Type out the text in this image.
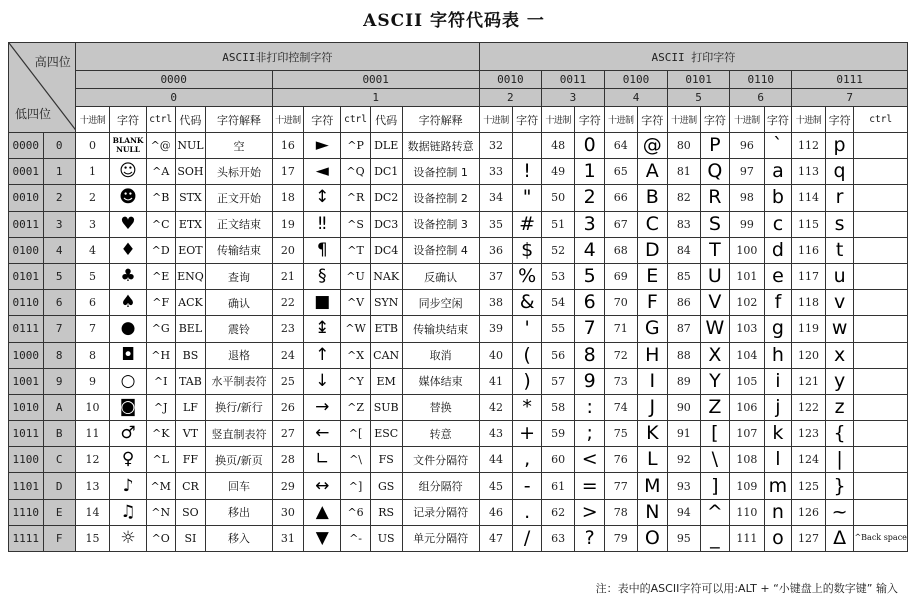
ASCII 字符代码表 一
高四位
低四位		ASCII非打印控制字符										ASCII 打印字符												
		0000					0001					0010		0011		0100		0101		0110		0111		
		0					1					2		3		4		5		6		7		
		十进制	字符	ctrl	代码	字符解释	十进制	字符	ctrl	代码	字符解释	十进制	字符	十进制	字符	十进制	字符	十进制	字符	十进制	字符	十进制	字符	ctrl
0000	0	0	BLANK NULL	^@	NUL	空	16	►	^P	DLE	数据链路转意	32		48	0	64	@	80	P	96	`	112	p	
0001	1	1	☺	^A	SOH	头标开始	17	◄	^Q	DC1	设备控制 1	33	!	49	1	65	A	81	Q	97	a	113	q	
0010	2	2	☻	^B	STX	正文开始	18	↕	^R	DC2	设备控制 2	34	"	50	2	66	B	82	R	98	b	114	r	
0011	3	3	♥	^C	ETX	正文结束	19	‼	^S	DC3	设备控制 3	35	#	51	3	67	C	83	S	99	c	115	s	
0100	4	4	♦	^D	EOT	传输结束	20	¶	^T	DC4	设备控制 4	36	$	52	4	68	D	84	T	100	d	116	t	
0101	5	5	♣	^E	ENQ	查询	21	§	^U	NAK	反确认	37	%	53	5	69	E	85	U	101	e	117	u	
0110	6	6	♠	^F	ACK	确认	22	■	^V	SYN	同步空闲	38	&	54	6	70	F	86	V	102	f	118	v	
0111	7	7	●	^G	BEL	震铃	23	↨	^W	ETB	传输块结束	39	'	55	7	71	G	87	W	103	g	119	w	
1000	8	8	◘	^H	BS	退格	24	↑	^X	CAN	取消	40	(	56	8	72	H	88	X	104	h	120	x	
1001	9	9	○	^I	TAB	水平制表符	25	↓	^Y	EM	媒体结束	41	)	57	9	73	I	89	Y	105	i	121	y	
1010	A	10	◙	^J	LF	换行/新行	26	→	^Z	SUB	替换	42	*	58	:	74	J	90	Z	106	j	122	z	
1011	B	11	♂	^K	VT	竖直制表符	27	←	^[	ESC	转意	43	+	59	;	75	K	91	[	107	k	123	{	
1100	C	12	♀	^L	FF	换页/新页	28	∟	^\	FS	文件分隔符	44	,	60	<	76	L	92	\	108	l	124	|	
1101	D	13	♪	^M	CR	回车	29	↔	^]	GS	组分隔符	45	-	61	=	77	M	93	]	109	m	125	}	
1110	E	14	♫	^N	SO	移出	30	▲	^6	RS	记录分隔符	46	.	62	>	78	N	94	^	110	n	126	~	
1111	F	15	☼	^O	SI	移入	31	▼	^-	US	单元分隔符	47	/	63	?	79	O	95	_	111	o	127	Δ	^Back space
注：表中的ASCII字符可以用:ALT + “小键盘上的数字键” 输入
